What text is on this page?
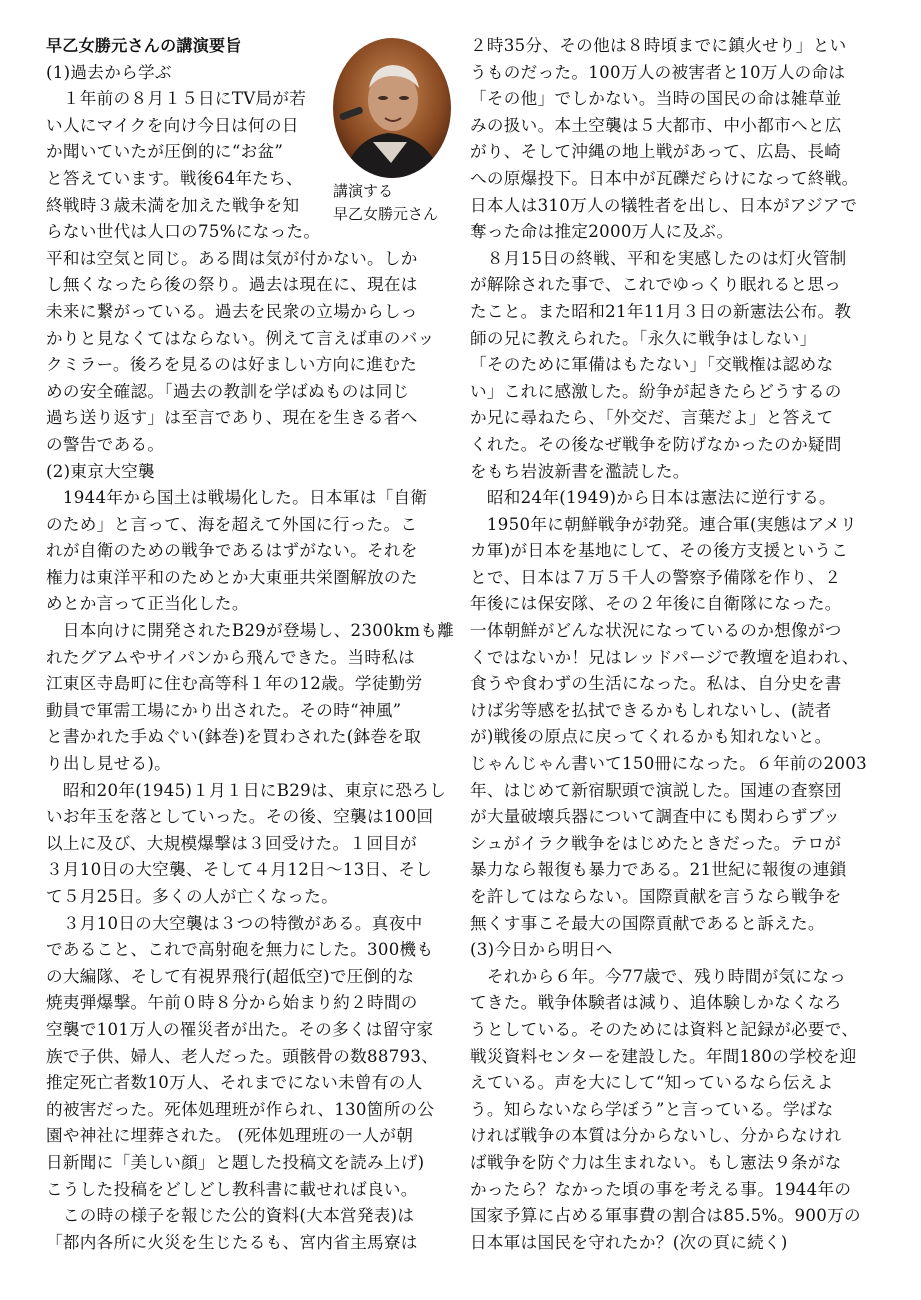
早乙女勝元さんの講演要旨
(1)過去から学ぶ
　１年前の８月１５日にTV局が若
い人にマイクを向け今日は何の日
か聞いていたが圧倒的に“お盆”
と答えています。戦後64年たち、
終戦時３歳未満を加えた戦争を知
らない世代は人口の75%になった。
平和は空気と同じ。ある間は気が付かない。しか
し無くなったら後の祭り。過去は現在に、現在は
未来に繋がっている。過去を民衆の立場からしっ
かりと見なくてはならない。例えて言えば車のバッ
クミラー。後ろを見るのは好ましい方向に進むた
めの安全確認。「過去の教訓を学ばぬものは同じ
過ち送り返す」は至言であり、現在を生きる者へ
の警告である。
(2)東京大空襲
　1944年から国土は戦場化した。日本軍は「自衛
のため」と言って、海を超えて外国に行った。こ
れが自衛のための戦争であるはずがない。それを
権力は東洋平和のためとか大東亜共栄圏解放のた
めとか言って正当化した。
　日本向けに開発されたB29が登場し、2300kmも離
れたグアムやサイパンから飛んできた。当時私は
江東区寺島町に住む高等科１年の12歳。学徒勤労
動員で軍需工場にかり出された。その時“神風”
と書かれた手ぬぐい(鉢巻)を買わされた(鉢巻を取
り出し見せる)。
　昭和20年(1945)１月１日にB29は、東京に恐ろし
いお年玉を落としていった。その後、空襲は100回
以上に及び、大規模爆撃は３回受けた。１回目が
３月10日の大空襲、そして４月12日～13日、そし
て５月25日。多くの人が亡くなった。
　３月10日の大空襲は３つの特徴がある。真夜中
であること、これで高射砲を無力にした。300機も
の大編隊、そして有視界飛行(超低空)で圧倒的な
焼夷弾爆撃。午前０時８分から始まり約２時間の
空襲で101万人の罹災者が出た。その多くは留守家
族で子供、婦人、老人だった。頭骸骨の数88793、
推定死亡者数10万人、それまでにない未曾有の人
的被害だった。死体処理班が作られ、130箇所の公
園や神社に埋葬された。 (死体処理班の一人が朝
日新聞に「美しい顔」と題した投稿文を読み上げ)
こうした投稿をどしどし教科書に載せれば良い。
　この時の様子を報じた公的資料(大本営発表)は
「都内各所に火災を生じたるも、宮内省主馬寮は
講演する
早乙女勝元さん
２時35分、その他は８時頃までに鎮火せり」とい
うものだった。100万人の被害者と10万人の命は
「その他」でしかない。当時の国民の命は雑草並
みの扱い。本土空襲は５大都市、中小都市へと広
がり、そして沖縄の地上戦があって、広島、長崎
への原爆投下。日本中が瓦礫だらけになって終戦。
日本人は310万人の犠牲者を出し、日本がアジアで
奪った命は推定2000万人に及ぶ。
　８月15日の終戦、平和を実感したのは灯火管制
が解除された事で、これでゆっくり眠れると思っ
たこと。また昭和21年11月３日の新憲法公布。教
師の兄に教えられた。「永久に戦争はしない」
「そのために軍備はもたない」「交戦権は認めな
い」これに感激した。紛争が起きたらどうするの
か兄に尋ねたら、「外交だ、言葉だよ」と答えて
くれた。その後なぜ戦争を防げなかったのか疑問
をもち岩波新書を濫読した。
　昭和24年(1949)から日本は憲法に逆行する。
　1950年に朝鮮戦争が勃発。連合軍(実態はアメリ
カ軍)が日本を基地にして、その後方支援というこ
とで、日本は７万５千人の警察予備隊を作り、２
年後には保安隊、その２年後に自衛隊になった。
一体朝鮮がどんな状況になっているのか想像がつ
くではないか！兄はレッドパージで教壇を追われ、
食うや食わずの生活になった。私は、自分史を書
けば劣等感を払拭できるかもしれないし、(読者
が)戦後の原点に戻ってくれるかも知れないと。
じゃんじゃん書いて150冊になった。６年前の2003
年、はじめて新宿駅頭で演説した。国連の査察団
が大量破壊兵器について調査中にも関わらずブッ
シュがイラク戦争をはじめたときだった。テロが
暴力なら報復も暴力である。21世紀に報復の連鎖
を許してはならない。国際貢献を言うなら戦争を
無くす事こそ最大の国際貢献であると訴えた。
(3)今日から明日へ
　それから６年。今77歳で、残り時間が気になっ
てきた。戦争体験者は減り、追体験しかなくなろ
うとしている。そのためには資料と記録が必要で、
戦災資料センターを建設した。年間180の学校を迎
えている。声を大にして“知っているなら伝えよ
う。知らないなら学ぼう”と言っている。学ばな
ければ戦争の本質は分からないし、分からなけれ
ば戦争を防ぐ力は生まれない。もし憲法９条がな
かったら？なかった頃の事を考える事。1944年の
国家予算に占める軍事費の割合は85.5%。900万の
日本軍は国民を守れたか？(次の頁に続く)
